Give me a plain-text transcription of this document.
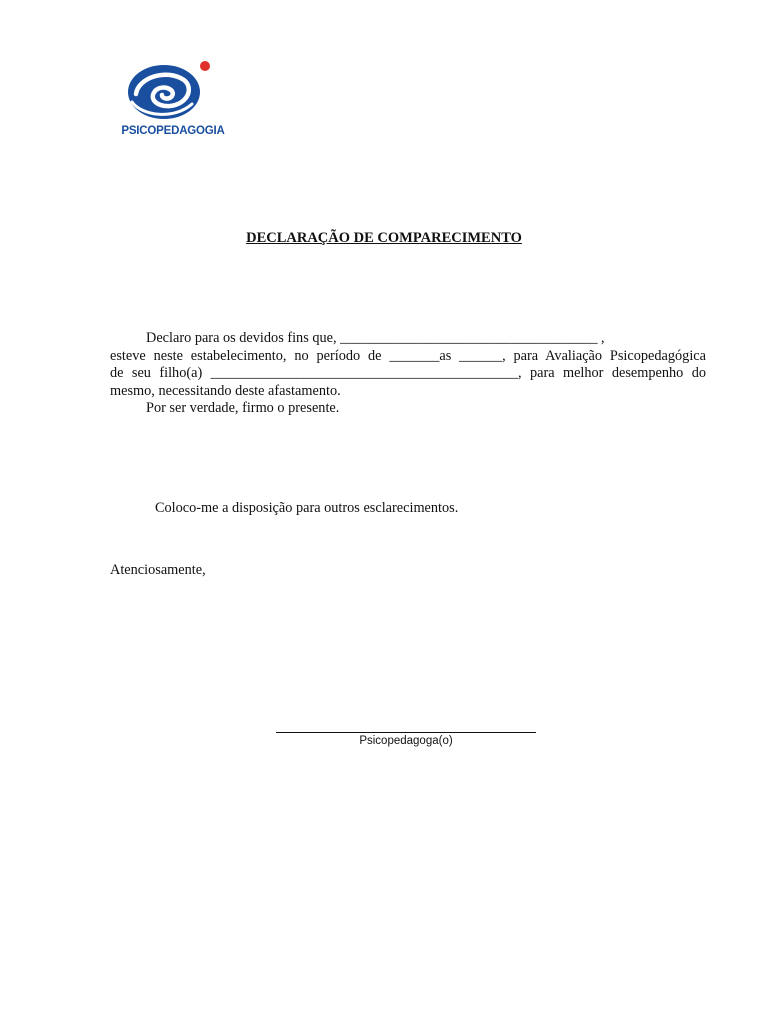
PSICOPEDAGOGIA
DECLARAÇÃO DE COMPARECIMENTO
Declaro para os devidos fins que, ____________________________________ ,
esteve neste estabelecimento, no período de _______as ______, para Avaliação Psicopedagógica
de seu filho(a) ___________________________________________, para melhor desempenho do
mesmo, necessitando deste afastamento.
Por ser verdade, firmo o presente.
Coloco-me a disposição para outros esclarecimentos.
Atenciosamente,
Psicopedagoga(o)
